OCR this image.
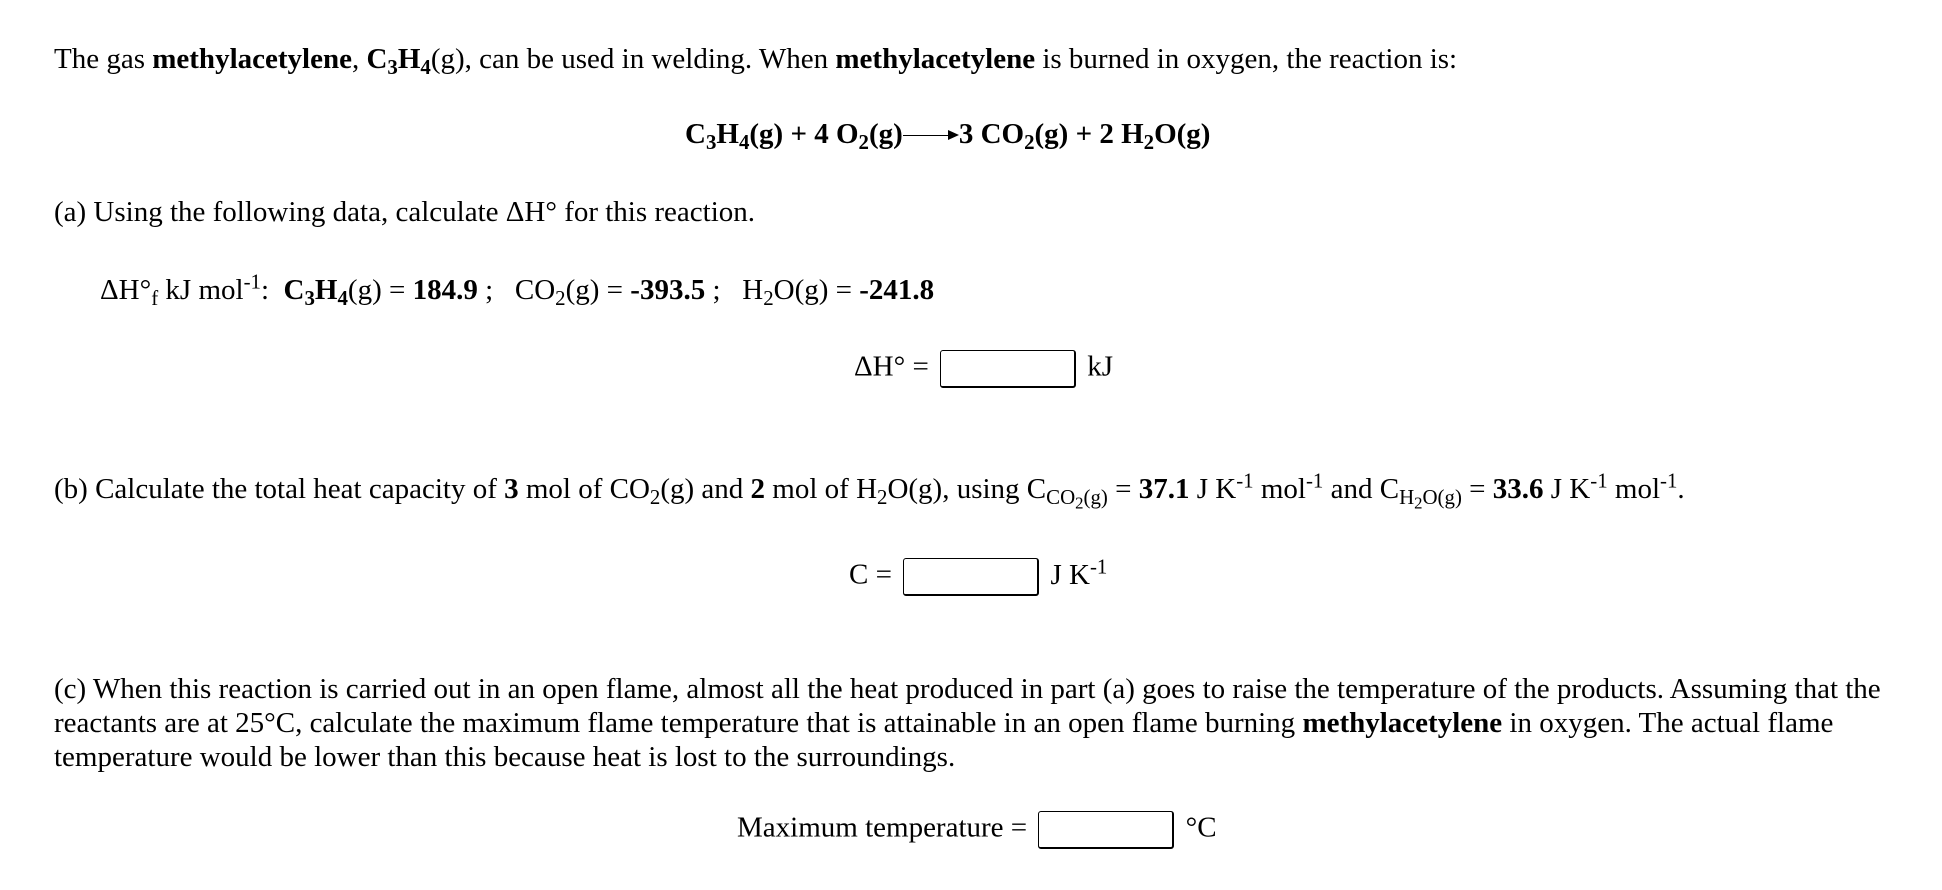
The gas methylacetylene, $C_3H_4(g)$, can be used in welding. When methylacetylene is burned in oxygen, the reaction is:
$C_3H_4(g) + 4$ $O_2(g)$ 3 $CO_2(g) + 2$ $H_2O(g)$
(a) Using the following data, calculate ΔH° for this reaction.
$\Delta H^\circ_f$ kJ mol$^{-1}$: $C_3H_4(g) = 184.9$ ;   $CO_2(g) = -393.5$ ;   $H_2O(g) = -241.8$
ΔH° =	kJ
(b) Calculate the total heat capacity of 3 mol of $CO_2(g)$ and 2 mol of $H_2O(g)$, using $C_{CO_2(g)} = 37.1$ J $K^{-1}$ mol$^{-1}$ and $C_{H_2O(g)} = 33.6$ J $K^{-1}$ mol$^{-1}$.
C =	J $K^{-1}$
(c) When this reaction is carried out in an open flame, almost all the heat produced in part (a) goes to raise the temperature of the products. Assuming that the reactants are at 25°C, calculate the maximum flame temperature that is attainable in an open flame burning methylacetylene in oxygen. The actual flame temperature would be lower than this because heat is lost to the surroundings.
Maximum temperature =	°C
